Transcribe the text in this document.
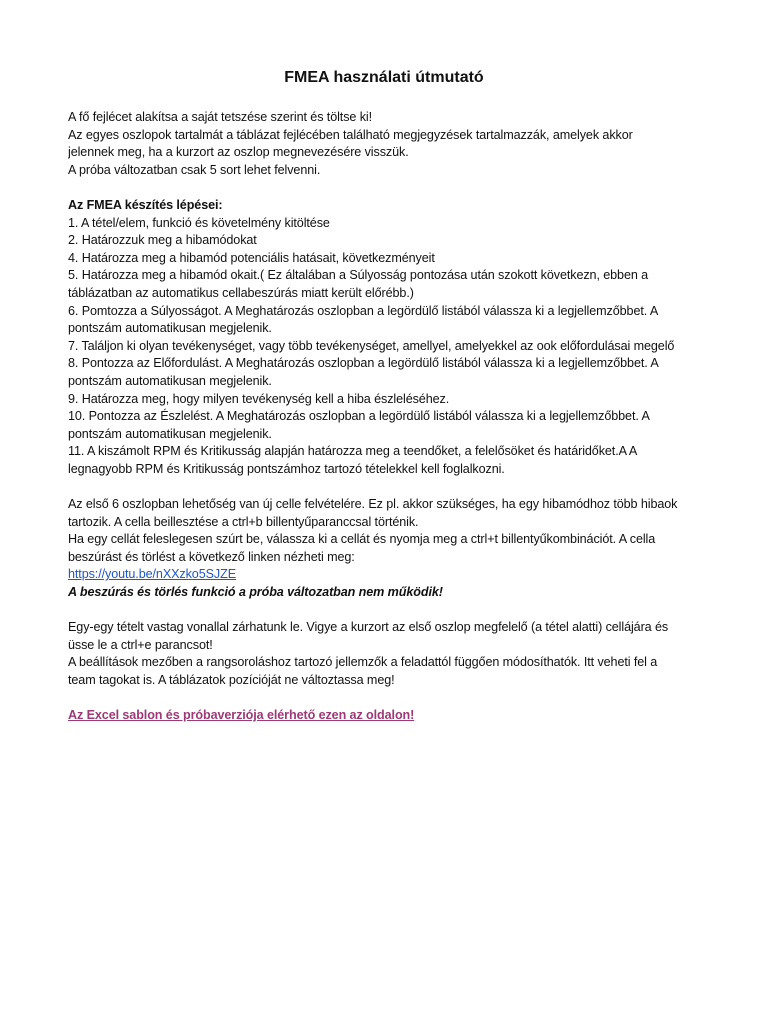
FMEA használati útmutató
A fő fejlécet alakítsa a saját tetszése szerint és töltse ki!
Az egyes oszlopok tartalmát a táblázat fejlécében található megjegyzések tartalmazzák, amelyek akkor
jelennek meg, ha a kurzort az oszlop megnevezésére visszük.
A próba változatban csak 5 sort lehet felvenni.
Az FMEA készítés lépései:
1. A tétel/elem, funkció és követelmény kitöltése
2. Határozzuk meg a hibamódokat
4. Határozza meg a hibamód potenciális hatásait, következményeit
5. Határozza meg a hibamód okait.( Ez általában a Súlyosság pontozása után szokott következn, ebben a
táblázatban az automatikus cellabeszúrás miatt került előrébb.)
6. Pomtozza a Súlyosságot. A Meghatározás oszlopban a legördülő listából válassza ki a legjellemzőbbet. A
pontszám automatikusan megjelenik.
7. Találjon ki olyan tevékenységet, vagy több tevékenységet, amellyel, amelyekkel az ook előfordulásai megelő
8. Pontozza az Előfordulást. A Meghatározás oszlopban a legördülő listából válassza ki a legjellemzőbbet. A
pontszám automatikusan megjelenik.
9. Határozza meg, hogy milyen tevékenység kell a hiba észleléséhez.
10. Pontozza az Észlelést. A Meghatározás oszlopban a legördülő listából válassza ki a legjellemzőbbet. A
pontszám automatikusan megjelenik.
11. A kiszámolt RPM és Kritikusság alapján határozza meg a teendőket, a felelősöket és határidőket.A A
legnagyobb RPM és Kritikusság pontszámhoz tartozó tételekkel kell foglalkozni.
Az első 6 oszlopban lehetőség van új celle felvételére. Ez pl. akkor szükséges, ha egy hibamódhoz több hibaok
tartozik. A cella beillesztése a ctrl+b billentyűparanccsal történik.
Ha egy cellát feleslegesen szúrt be, válassza ki a cellát és nyomja meg a ctrl+t billentyűkombinációt. A cella
beszúrást és törlést a következő linken nézheti meg:
https://youtu.be/nXXzko5SJZE
A beszúrás és törlés funkció a próba változatban nem működik!
Egy-egy tételt vastag vonallal zárhatunk le. Vigye a kurzort az első oszlop megfelelő (a tétel alatti) cellájára és
üsse le a ctrl+e parancsot!
A beállítások mezőben a rangsoroláshoz tartozó jellemzők a feladattól függően módosíthatók. Itt veheti fel a
team tagokat is. A táblázatok pozícióját ne változtassa meg!
Az Excel sablon és próbaverziója elérhető ezen az oldalon!
